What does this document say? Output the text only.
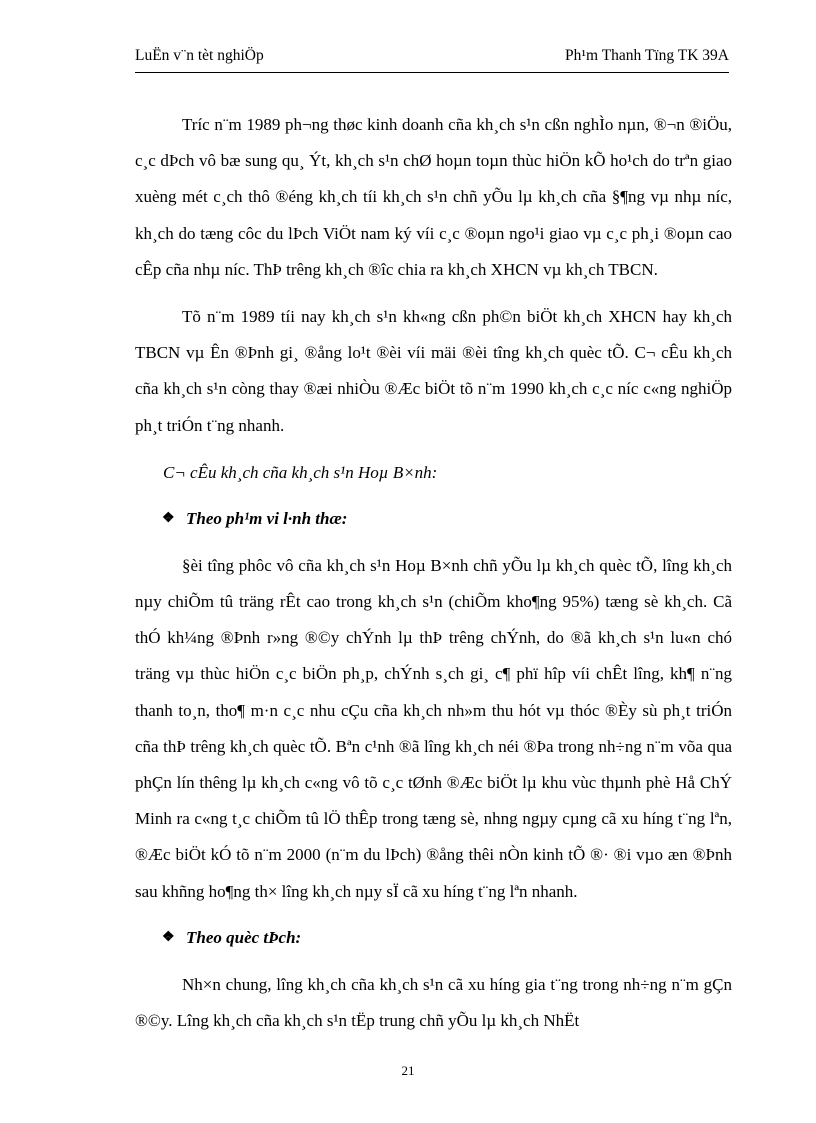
LuËn v¨n tèt nghiÖp	Ph¹m Thanh Tïng TK 39A

Tríc n¨m 1989 ph¬ng thøc kinh doanh cña kh¸ch s¹n cßn nghÌo nµn, ®¬n ®iÖu, c¸c dÞch vô bæ sung qu¸ Ýt, kh¸ch s¹n chØ hoµn toµn thùc hiÖn kÕ ho¹ch do trªn giao xuèng mét c¸ch thô ®éng kh¸ch tíi kh¸ch s¹n chñ yÕu lµ kh¸ch cña §¶ng vµ nhµ níc, kh¸ch do tæng côc du lÞch ViÖt nam ký víi c¸c ®oµn ngo¹i giao vµ c¸c ph¸i ®oµn cao cÊp cña nhµ níc. ThÞ trêng kh¸ch ®îc chia ra kh¸ch XHCN vµ kh¸ch TBCN.

Tõ n¨m 1989 tíi nay kh¸ch s¹n kh«ng cßn ph©n biÖt kh¸ch XHCN hay kh¸ch TBCN vµ Ên ®Þnh gi¸ ®ång lo¹t ®èi víi mäi ®èi tîng kh¸ch quèc tÕ. C¬ cÊu kh¸ch cña kh¸ch s¹n còng thay ®æi nhiÒu ®Æc biÖt tõ n¨m 1990 kh¸ch c¸c níc c«ng nghiÖp ph¸t triÓn t¨ng nhanh.

C¬ cÊu kh¸ch cña kh¸ch s¹n Hoµ B×nh:
❖ Theo ph¹m vi l·nh thæ:

§èi tîng phôc vô cña kh¸ch s¹n Hoµ B×nh chñ yÕu lµ kh¸ch quèc tÕ, lîng kh¸ch nµy chiÕm tû träng rÊt cao trong kh¸ch s¹n (chiÕm kho¶ng 95%) tæng sè kh¸ch. Cã thÓ kh¼ng ®Þnh r»ng ®©y chÝnh lµ thÞ trêng chÝnh, do ®ã kh¸ch s¹n lu«n chó träng vµ thùc hiÖn c¸c biÖn ph¸p, chÝnh s¸ch gi¸ c¶ phï hîp víi chÊt lîng, kh¶ n¨ng thanh to¸n, tho¶ m·n c¸c nhu cÇu cña kh¸ch nh»m thu hót vµ thóc ®Èy sù ph¸t triÓn cña thÞ trêng kh¸ch quèc tÕ. Bªn c¹nh ®ã lîng kh¸ch néi ®Þa trong nh÷ng n¨m võa qua phÇn lín thêng lµ kh¸ch c«ng vô tõ c¸c tØnh ®Æc biÖt lµ khu vùc thµnh phè Hå ChÝ Minh ra c«ng t¸c chiÕm tû lÖ thÊp trong tæng sè, nhng ngµy cµng cã xu híng t¨ng lªn, ®Æc biÖt kÓ tõ n¨m 2000 (n¨m du lÞch) ®ång thêi nÒn kinh tÕ ®· ®i vµo æn ®Þnh sau khñng ho¶ng th× lîng kh¸ch nµy sÏ cã xu híng t¨ng lªn nhanh.

❖ Theo quèc tÞch:

Nh×n chung, lîng kh¸ch cña kh¸ch s¹n cã xu híng gia t¨ng trong nh÷ng n¨m gÇn ®©y. Lîng kh¸ch cña kh¸ch s¹n tËp trung chñ yÕu lµ kh¸ch NhËt

21
